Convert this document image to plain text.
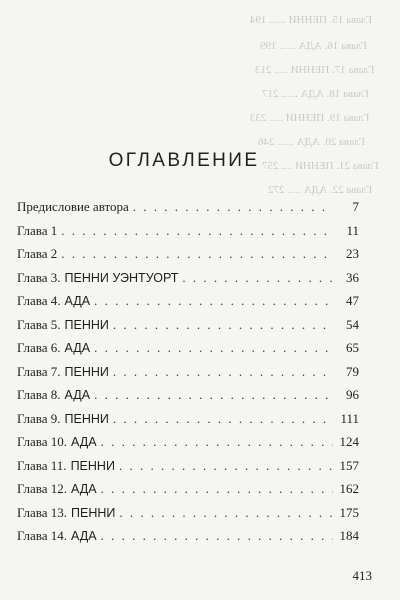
Глава 15. ПЕННИ ...... 194
Глава 16. АДА ...... 199
Глава 17. ПЕННИ ..... 213
Глава 18. АДА ...... 217
Глава 19. ПЕННИ ..... 233
Глава 20. АДА ...... 246
Глава 21. ПЕННИ .... 257
Глава 22. АДА ..... 272
ОГЛАВЛЕНИЕ
Предисловие автора . . .	7
Глава 1 . . .	11
Глава 2 . . .	23
Глава 3. ПЕННИ УЭНТУОРТ . . .	36
Глава 4. АДА . . .	47
Глава 5. ПЕННИ . . .	54
Глава 6. АДА . . .	65
Глава 7. ПЕННИ . . .	79
Глава 8. АДА . . .	96
Глава 9. ПЕННИ . . .	111
Глава 10. АДА . . .	124
Глава 11. ПЕННИ . . .	157
Глава 12. АДА . . .	162
Глава 13. ПЕННИ . . .	175
Глава 14. АДА . . .	184
413
